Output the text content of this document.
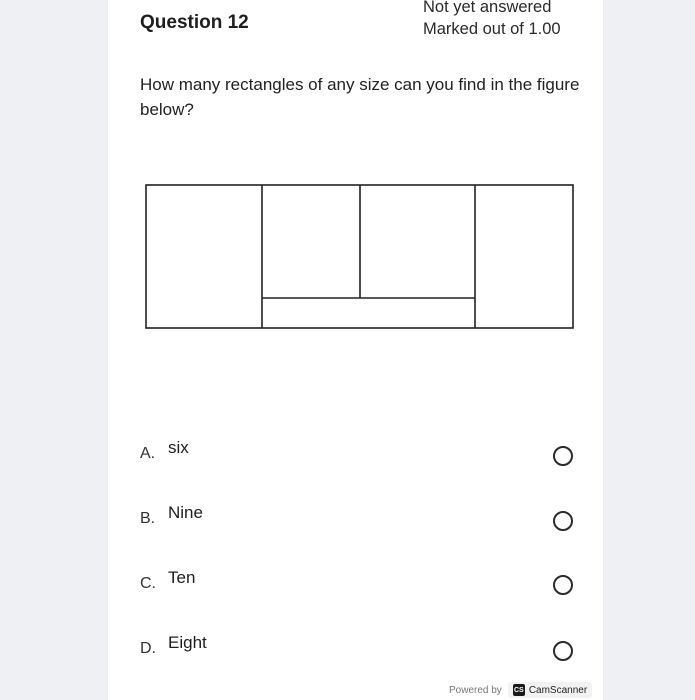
Question 12
Not yet answered
Marked out of 1.00
How many rectangles of any size can you find in the figure below?
A. six
B. Nine
C. Ten
D. Eight
Powered by CS CamScanner
